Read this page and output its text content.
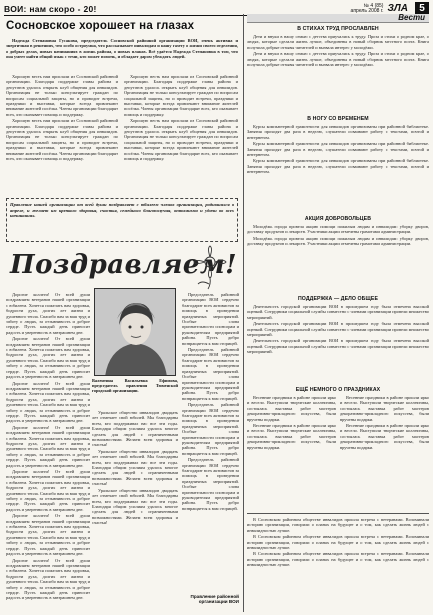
ВОИ: нам скоро - 20!	№ 4 (85)
апрель 2008 г. ЗЛА	5
Сосновское хорошеет на глазах

Надежда Степановна Гусакова, председатель Сосновской районной организации ВОИ, очень активна и энергичная в решениях, что особо остроумна, что рассказывает инвалидам и нашу газету о жизни своего отделения, о добрых делах, новых начинаниях в жизнь района, о новых планах. Всё удаётся Надежда Степановна в том, что она умеет найти общий язык с теми, кто может помочь, и обладает даром убеждать людей.

Хорошую весть нам прислали из Сосновской районной организации. Благодаря поддержке главы района и депутатов удалось открыть клуб общения для инвалидов. Организация не только консультирует граждан по вопросам социальной защиты, но и проводит встречи, праздники и выставки, которые всегда привлекают внимание жителей посёлка. Члены организации благодарят всех, кто оказывает помощь и поддержку.

Хорошую весть нам прислали из Сосновской районной организации. Благодаря поддержке главы района и депутатов удалось открыть клуб общения для инвалидов. Организация не только консультирует граждан по вопросам социальной защиты, но и проводит встречи, праздники и выставки, которые всегда привлекают внимание жителей посёлка. Члены организации благодарят всех, кто оказывает помощь и поддержку.

Хорошую весть нам прислали из Сосновской районной организации. Благодаря поддержке главы района и депутатов удалось открыть клуб общения для инвалидов. Организация не только консультирует граждан по вопросам социальной защиты, но и проводит встречи, праздники и выставки, которые всегда привлекают внимание жителей посёлка. Члены организации благодарят всех, кто оказывает помощь и поддержку.

Хорошую весть нам прислали из Сосновской районной организации. Благодаря поддержке главы района и депутатов удалось открыть клуб общения для инвалидов. Организация не только консультирует граждан по вопросам социальной защиты, но и проводит встречи, праздники и выставки, которые всегда привлекают внимание жителей посёлка. Члены организации благодарят всех, кто оказывает помощь и поддержку.

Правление нашей организации от всей души поздравляет с юбилеем членов организации, родившихся в апреле, и желает им крепкого здоровья, счастья, семейного благополучия, оптимизма и удачи во всех начинаниях.
Поздравляем!

Дорогие коллеги! От всей души поздравляем ветеранов нашей организации с юбилеем. Хочется пожелать вам здоровья, бодрости духа, долгих лет жизни и душевного тепла. Спасибо вам за ваш труд и заботу о людях, за отзывчивость и доброе сердце. Пусть каждый день приносит радость и уверенность в завтрашнем дне.

Дорогие коллеги! От всей души поздравляем ветеранов нашей организации с юбилеем. Хочется пожелать вам здоровья, бодрости духа, долгих лет жизни и душевного тепла. Спасибо вам за ваш труд и заботу о людях, за отзывчивость и доброе сердце. Пусть каждый день приносит радость и уверенность в завтрашнем дне.

Дорогие коллеги! От всей души поздравляем ветеранов нашей организации с юбилеем. Хочется пожелать вам здоровья, бодрости духа, долгих лет жизни и душевного тепла. Спасибо вам за ваш труд и заботу о людях, за отзывчивость и доброе сердце. Пусть каждый день приносит радость и уверенность в завтрашнем дне.

Дорогие коллеги! От всей души поздравляем ветеранов нашей организации с юбилеем. Хочется пожелать вам здоровья, бодрости духа, долгих лет жизни и душевного тепла. Спасибо вам за ваш труд и заботу о людях, за отзывчивость и доброе сердце. Пусть каждый день приносит радость и уверенность в завтрашнем дне.

Дорогие коллеги! От всей души поздравляем ветеранов нашей организации с юбилеем. Хочется пожелать вам здоровья, бодрости духа, долгих лет жизни и душевного тепла. Спасибо вам за ваш труд и заботу о людях, за отзывчивость и доброе сердце. Пусть каждый день приносит радость и уверенность в завтрашнем дне.

Дорогие коллеги! От всей души поздравляем ветеранов нашей организации с юбилеем. Хочется пожелать вам здоровья, бодрости духа, долгих лет жизни и душевного тепла. Спасибо вам за ваш труд и заботу о людях, за отзывчивость и доброе сердце. Пусть каждый день приносит радость и уверенность в завтрашнем дне.

Дорогие коллеги! От всей души поздравляем ветеранов нашей организации с юбилеем. Хочется пожелать вам здоровья, бодрости духа, долгих лет жизни и душевного тепла. Спасибо вам за ваш труд и заботу о людях, за отзывчивость и доброе сердце. Пусть каждый день приносит радость и уверенность в завтрашнем дне.

Валентина Васильевна Ефимова, председатель правления Тюменской городской организации.

Уральское общество инвалидов двадцать лет отмечает свой юбилей. Мы благодарны всем, кто поддерживал нас все эти годы. Благодаря общим усилиям удалось многое сделать для людей с ограниченными возможностями. Желаем всем здоровья и счастья!

Уральское общество инвалидов двадцать лет отмечает свой юбилей. Мы благодарны всем, кто поддерживал нас все эти годы. Благодаря общим усилиям удалось многое сделать для людей с ограниченными возможностями. Желаем всем здоровья и счастья!

Уральское общество инвалидов двадцать лет отмечает свой юбилей. Мы благодарны всем, кто поддерживал нас все эти годы. Благодаря общим усилиям удалось многое сделать для людей с ограниченными возможностями. Желаем всем здоровья и счастья!

Председатель районной организации ВОИ сердечно благодарит всех активистов за помощь в проведении праздничных мероприятий. Особые слова признательности спонсорам и руководителям предприятий района. Пусть добро возвращается к вам сторицей.

Председатель районной организации ВОИ сердечно благодарит всех активистов за помощь в проведении праздничных мероприятий. Особые слова признательности спонсорам и руководителям предприятий района. Пусть добро возвращается к вам сторицей.

Председатель районной организации ВОИ сердечно благодарит всех активистов за помощь в проведении праздничных мероприятий. Особые слова признательности спонсорам и руководителям предприятий района. Пусть добро возвращается к вам сторицей.

Председатель районной организации ВОИ сердечно благодарит всех активистов за помощь в проведении праздничных мероприятий. Особые слова признательности спонсорам и руководителям предприятий района. Пусть добро возвращается к вам сторицей.

Правление районной организации ВОИ
Вести
В СТИХАХ ТРУД ПРОСЛАВЛЕН

Дети и внуки в нашу семью с детства приучались к труду. Проза и стихи о родном крае, о людях, которые сделали жизнь лучше, объединены в новый сборник местного поэта. Книга получила добрые отзывы читателей и вызвала интерес у молодёжи.

Дети и внуки в нашу семью с детства приучались к труду. Проза и стихи о родном крае, о людях, которые сделали жизнь лучше, объединены в новый сборник местного поэта. Книга получила добрые отзывы читателей и вызвала интерес у молодёжи.

В НОГУ СО ВРЕМЕНЕМ

Курсы компьютерной грамотности для инвалидов организованы при районной библиотеке. Занятия проходят два раза в неделю, слушатели осваивают работу с текстами, почтой и интернетом.

Курсы компьютерной грамотности для инвалидов организованы при районной библиотеке. Занятия проходят два раза в неделю, слушатели осваивают работу с текстами, почтой и интернетом.

Курсы компьютерной грамотности для инвалидов организованы при районной библиотеке. Занятия проходят два раза в неделю, слушатели осваивают работу с текстами, почтой и интернетом.

АКЦИЯ ДОБРОВОЛЬЦЕВ

Молодёжь города провела акцию помощи пожилым людям и инвалидам: уборку дворов, доставку продуктов и лекарств. Участники акции отмечены грамотами администрации.

Молодёжь города провела акцию помощи пожилым людям и инвалидам: уборку дворов, доставку продуктов и лекарств. Участники акции отмечены грамотами администрации.

ПОДДЕРЖКА — ДЕЛО ОБЩЕЕ

Деятельность городской организации ВОИ в прошедшем году была отмечена высокой оценкой. Сотрудники социальной службы совместно с членами организации провели множество мероприятий.

Деятельность городской организации ВОИ в прошедшем году была отмечена высокой оценкой. Сотрудники социальной службы совместно с членами организации провели множество мероприятий.

Деятельность городской организации ВОИ в прошедшем году была отмечена высокой оценкой. Сотрудники социальной службы совместно с членами организации провели множество мероприятий.

ЕЩЁ НЕМНОГО О ПРАЗДНИКАХ

Весенние праздники в районе прошли ярко и весело. Выступили творческие коллективы, состоялась выставка работ мастеров декоративно-прикладного искусства, были вручены подарки.

Весенние праздники в районе прошли ярко и весело. Выступили творческие коллективы, состоялась выставка работ мастеров декоративно-прикладного искусства, были вручены подарки.

Весенние праздники в районе прошли ярко и весело. Выступили творческие коллективы, состоялась выставка работ мастеров декоративно-прикладного искусства, были вручены подарки.

Весенние праздники в районе прошли ярко и весело. Выступили творческие коллективы, состоялась выставка работ мастеров декоративно-прикладного искусства, были вручены подарки.

В Сосновском районном обществе инвалидов прошла встреча с ветеранами. Вспоминали историю организации, говорили о планах на будущее и о том, как сделать жизнь людей с инвалидностью лучше.

В Сосновском районном обществе инвалидов прошла встреча с ветеранами. Вспоминали историю организации, говорили о планах на будущее и о том, как сделать жизнь людей с инвалидностью лучше.

В Сосновском районном обществе инвалидов прошла встреча с ветеранами. Вспоминали историю организации, говорили о планах на будущее и о том, как сделать жизнь людей с инвалидностью лучше.
